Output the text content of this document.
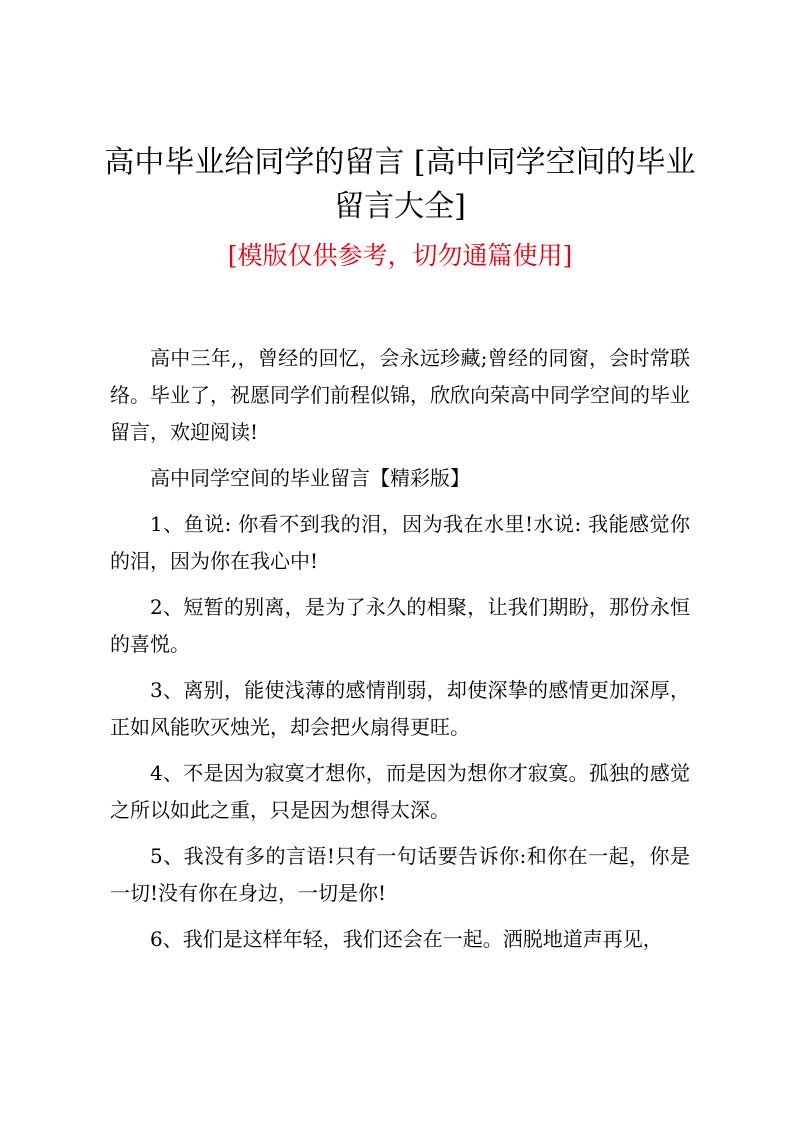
高中毕业给同学的留言 [高中同学空间的毕业
留言大全]

[模版仅供参考，切勿通篇使用]

高中三年,，曾经的回忆，会永远珍藏;曾经的同窗，会时常联络。毕业了，祝愿同学们前程似锦，欣欣向荣高中同学空间的毕业留言，欢迎阅读!

高中同学空间的毕业留言【精彩版】

1、鱼说: 你看不到我的泪，因为我在水里!水说: 我能感觉你的泪，因为你在我心中!

2、短暂的别离，是为了永久的相聚，让我们期盼，那份永恒的喜悦。

3、离别，能使浅薄的感情削弱，却使深挚的感情更加深厚，正如风能吹灭烛光，却会把火扇得更旺。

4、不是因为寂寞才想你，而是因为想你才寂寞。孤独的感觉之所以如此之重，只是因为想得太深。

5、我没有多的言语!只有一句话要告诉你:和你在一起，你是一切!没有你在身边，一切是你!

6、我们是这样年轻，我们还会在一起。洒脱地道声再见，
